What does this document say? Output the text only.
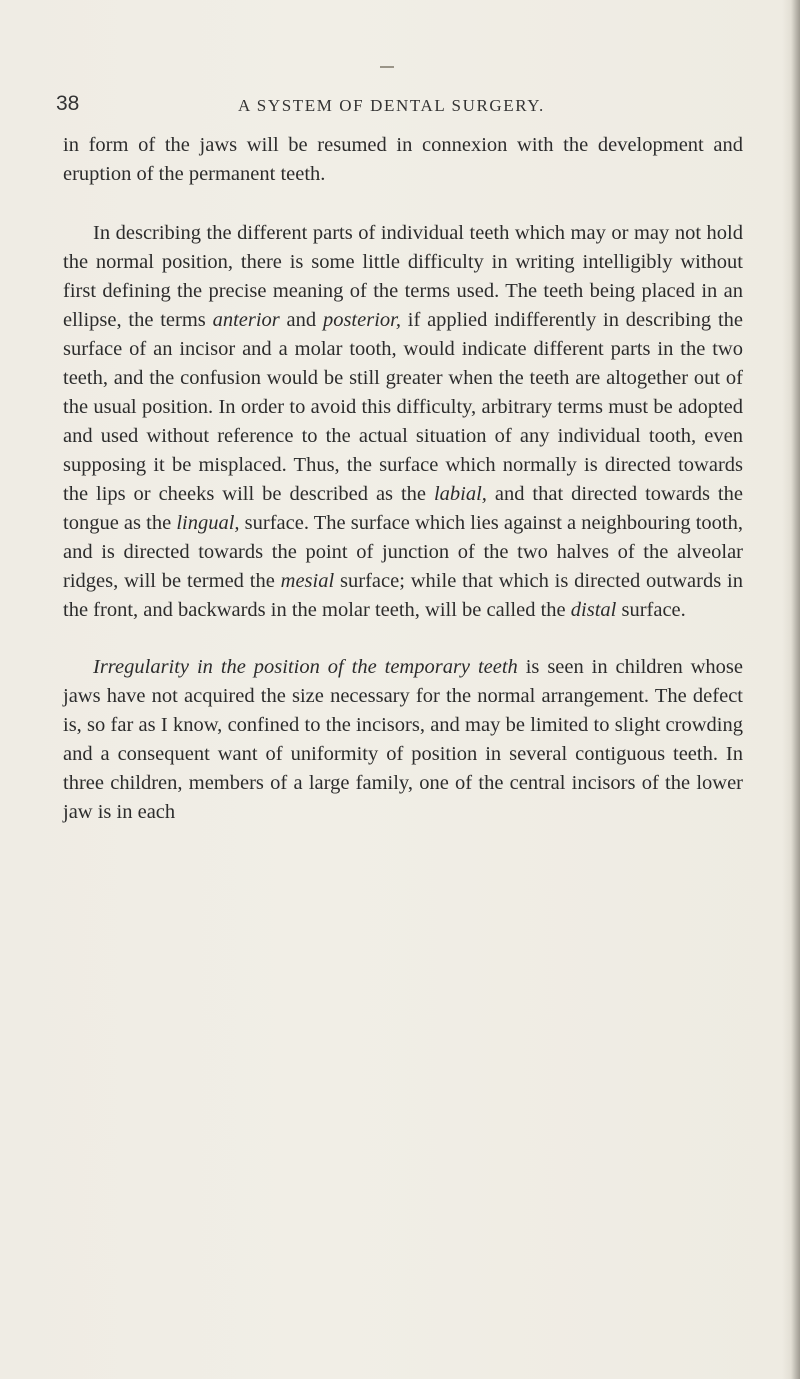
38	A SYSTEM OF DENTAL SURGERY.

in form of the jaws will be resumed in connexion with the development and eruption of the permanent teeth.

In describing the different parts of individual teeth which may or may not hold the normal position, there is some little difficulty in writing intelligibly without first defining the precise meaning of the terms used. The teeth being placed in an ellipse, the terms anterior and posterior, if applied indifferently in describing the surface of an incisor and a molar tooth, would indicate different parts in the two teeth, and the confusion would be still greater when the teeth are altogether out of the usual position. In order to avoid this difficulty, arbitrary terms must be adopted and used without reference to the actual situation of any individual tooth, even supposing it be misplaced. Thus, the surface which normally is directed towards the lips or cheeks will be described as the labial, and that directed towards the tongue as the lingual, surface. The surface which lies against a neighbouring tooth, and is directed towards the point of junction of the two halves of the alveolar ridges, will be termed the mesial surface; while that which is directed outwards in the front, and backwards in the molar teeth, will be called the distal surface.

Irregularity in the position of the temporary teeth is seen in children whose jaws have not acquired the size necessary for the normal arrangement. The defect is, so far as I know, confined to the incisors, and may be limited to slight crowding and a consequent want of uniformity of position in several contiguous teeth. In three children, members of a large family, one of the central incisors of the lower jaw is in each
